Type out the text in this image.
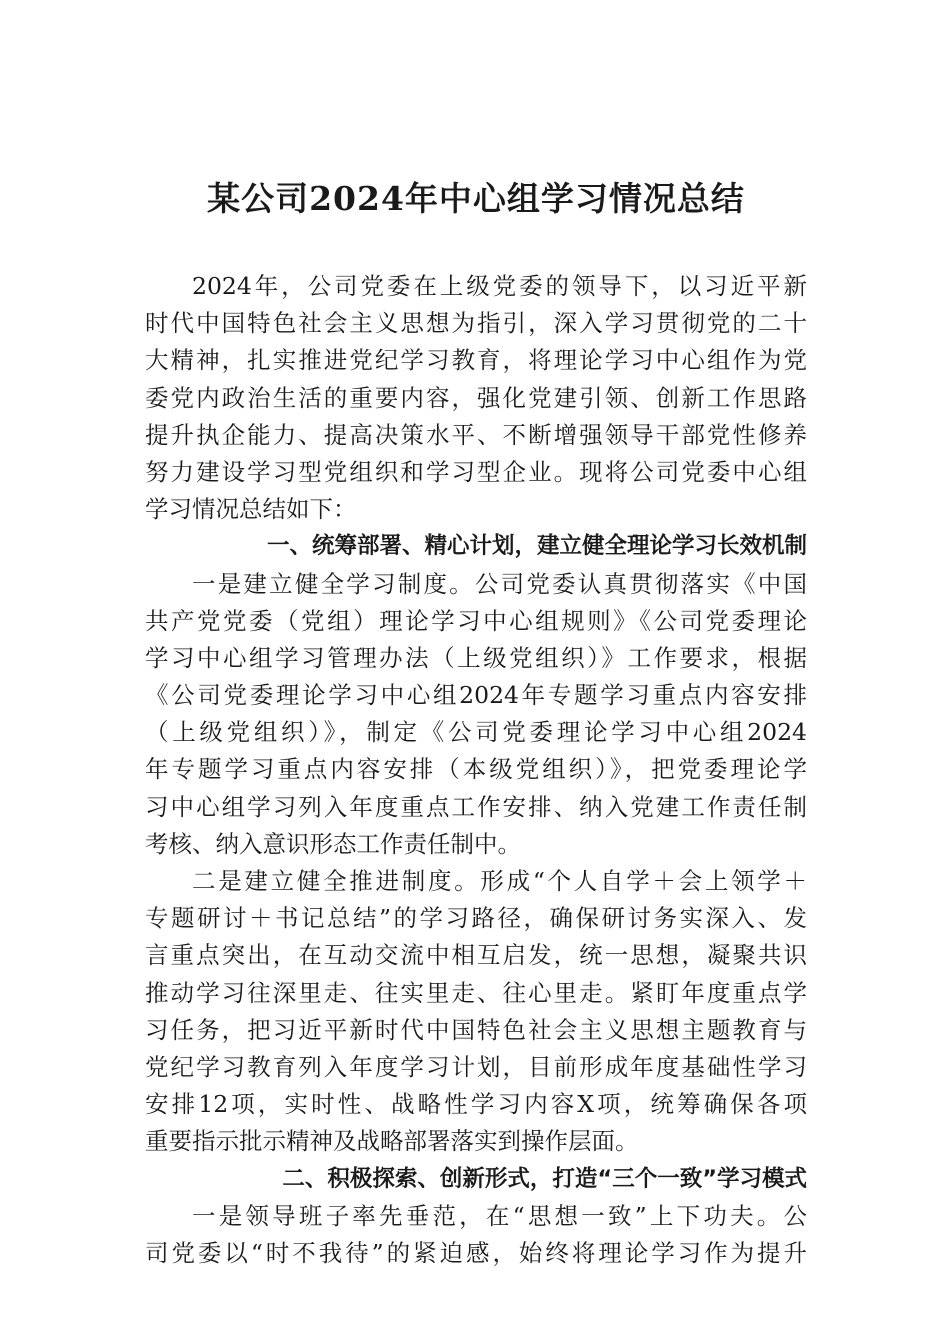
某公司2024年中心组学习情况总结
2024年，公司党委在上级党委的领导下，以习近平新
时代中国特色社会主义思想为指引，深入学习贯彻党的二十
大精神，扎实推进党纪学习教育，将理论学习中心组作为党
委党内政治生活的重要内容，强化党建引领、创新工作思路
提升执企能力、提高决策水平、不断增强领导干部党性修养
努力建设学习型党组织和学习型企业。现将公司党委中心组
学习情况总结如下：
一、统筹部署、精心计划，建立健全理论学习长效机制
一是建立健全学习制度。公司党委认真贯彻落实《中国
共产党党委（党组）理论学习中心组规则》《公司党委理论
学习中心组学习管理办法（上级党组织）》工作要求，根据
《公司党委理论学习中心组2024年专题学习重点内容安排
（上级党组织）》，制定《公司党委理论学习中心组2024
年专题学习重点内容安排（本级党组织）》，把党委理论学
习中心组学习列入年度重点工作安排、纳入党建工作责任制
考核、纳入意识形态工作责任制中。
二是建立健全推进制度。形成“个人自学＋会上领学＋
专题研讨＋书记总结”的学习路径，确保研讨务实深入、发
言重点突出，在互动交流中相互启发，统一思想，凝聚共识
推动学习往深里走、往实里走、往心里走。紧盯年度重点学
习任务，把习近平新时代中国特色社会主义思想主题教育与
党纪学习教育列入年度学习计划，目前形成年度基础性学习
安排12项，实时性、战略性学习内容X项，统筹确保各项
重要指示批示精神及战略部署落实到操作层面。
二、积极探索、创新形式，打造“三个一致”学习模式
一是领导班子率先垂范，在“思想一致”上下功夫。公
司党委以“时不我待”的紧迫感，始终将理论学习作为提升
